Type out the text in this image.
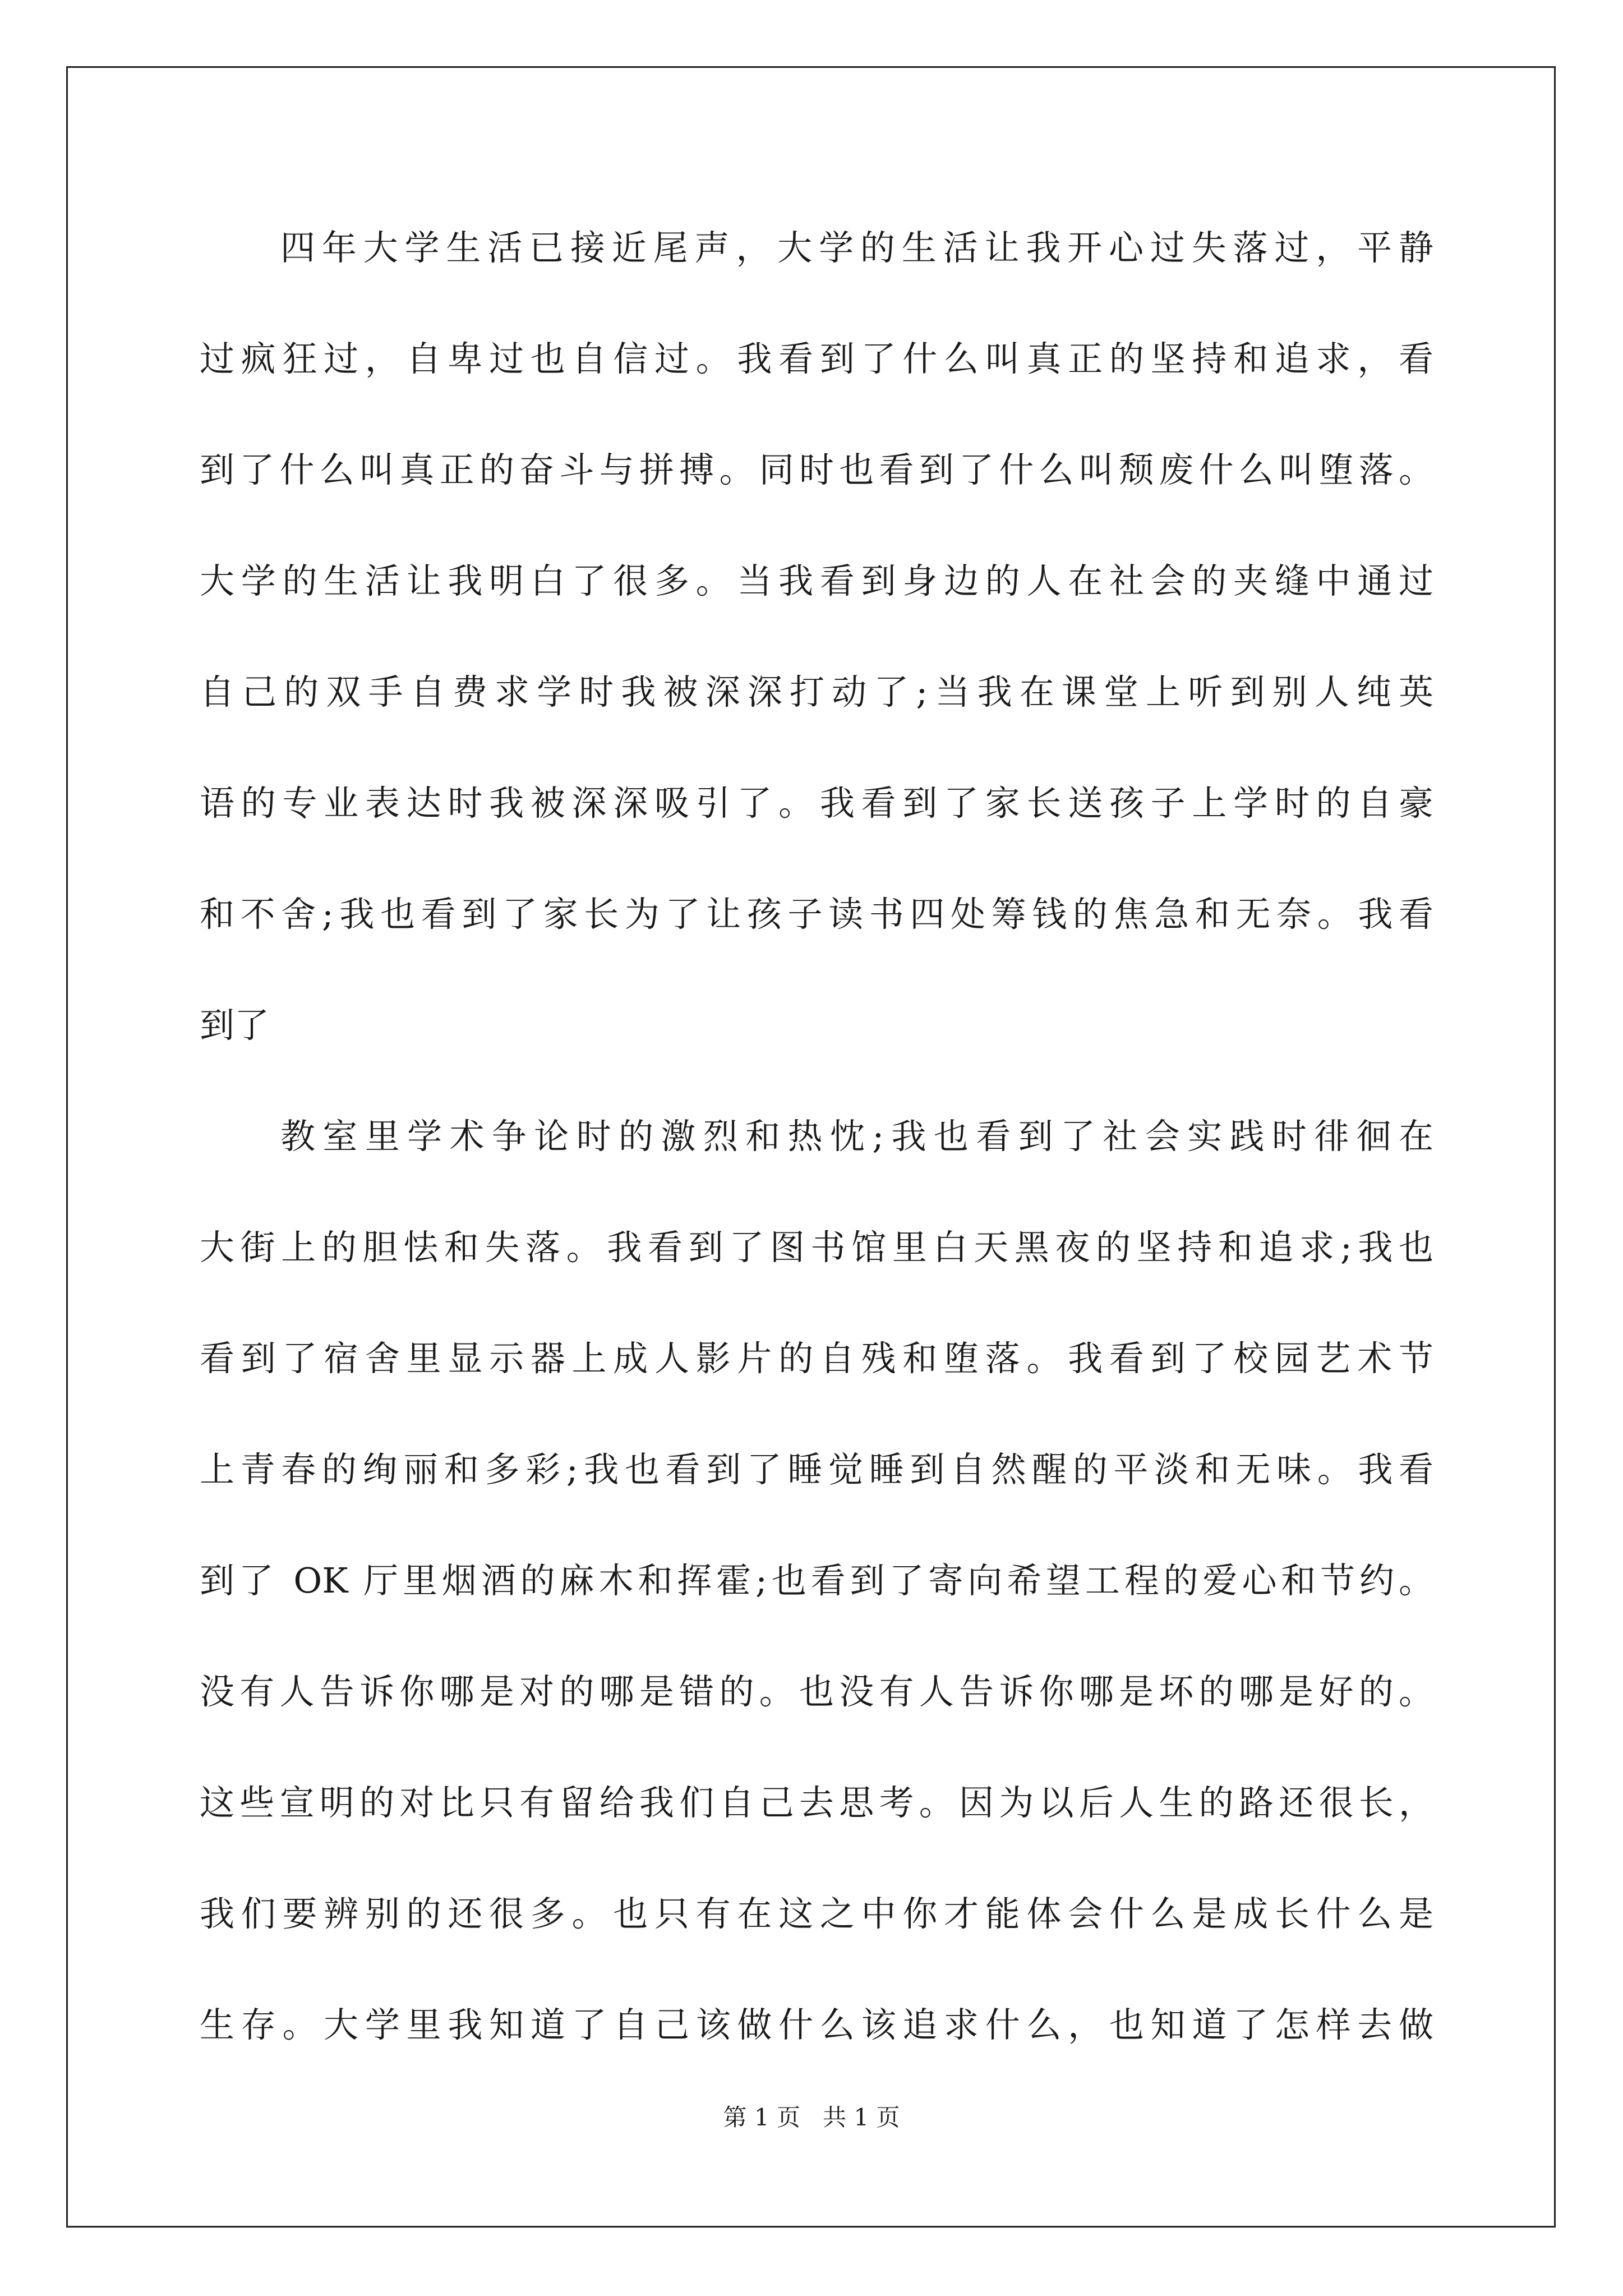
四年大学生活已接近尾声，大学的生活让我开心过失落过，平静
过疯狂过，自卑过也自信过。我看到了什么叫真正的坚持和追求，看
到了什么叫真正的奋斗与拼搏。同时也看到了什么叫颓废什么叫堕落。
大学的生活让我明白了很多。当我看到身边的人在社会的夹缝中通过
自己的双手自费求学时我被深深打动了;当我在课堂上听到别人纯英
语的专业表达时我被深深吸引了。我看到了家长送孩子上学时的自豪
和不舍;我也看到了家长为了让孩子读书四处筹钱的焦急和无奈。我看
到了
教室里学术争论时的激烈和热忱;我也看到了社会实践时徘徊在
大街上的胆怯和失落。我看到了图书馆里白天黑夜的坚持和追求;我也
看到了宿舍里显示器上成人影片的自残和堕落。我看到了校园艺术节
上青春的绚丽和多彩;我也看到了睡觉睡到自然醒的平淡和无味。我看
到了 OK 厅里烟酒的麻木和挥霍;也看到了寄向希望工程的爱心和节约。
没有人告诉你哪是对的哪是错的。也没有人告诉你哪是坏的哪是好的。
这些宣明的对比只有留给我们自己去思考。因为以后人生的路还很长，
我们要辨别的还很多。也只有在这之中你才能体会什么是成长什么是
生存。大学里我知道了自己该做什么该追求什么，也知道了怎样去做
第 1 页   共 1 页
